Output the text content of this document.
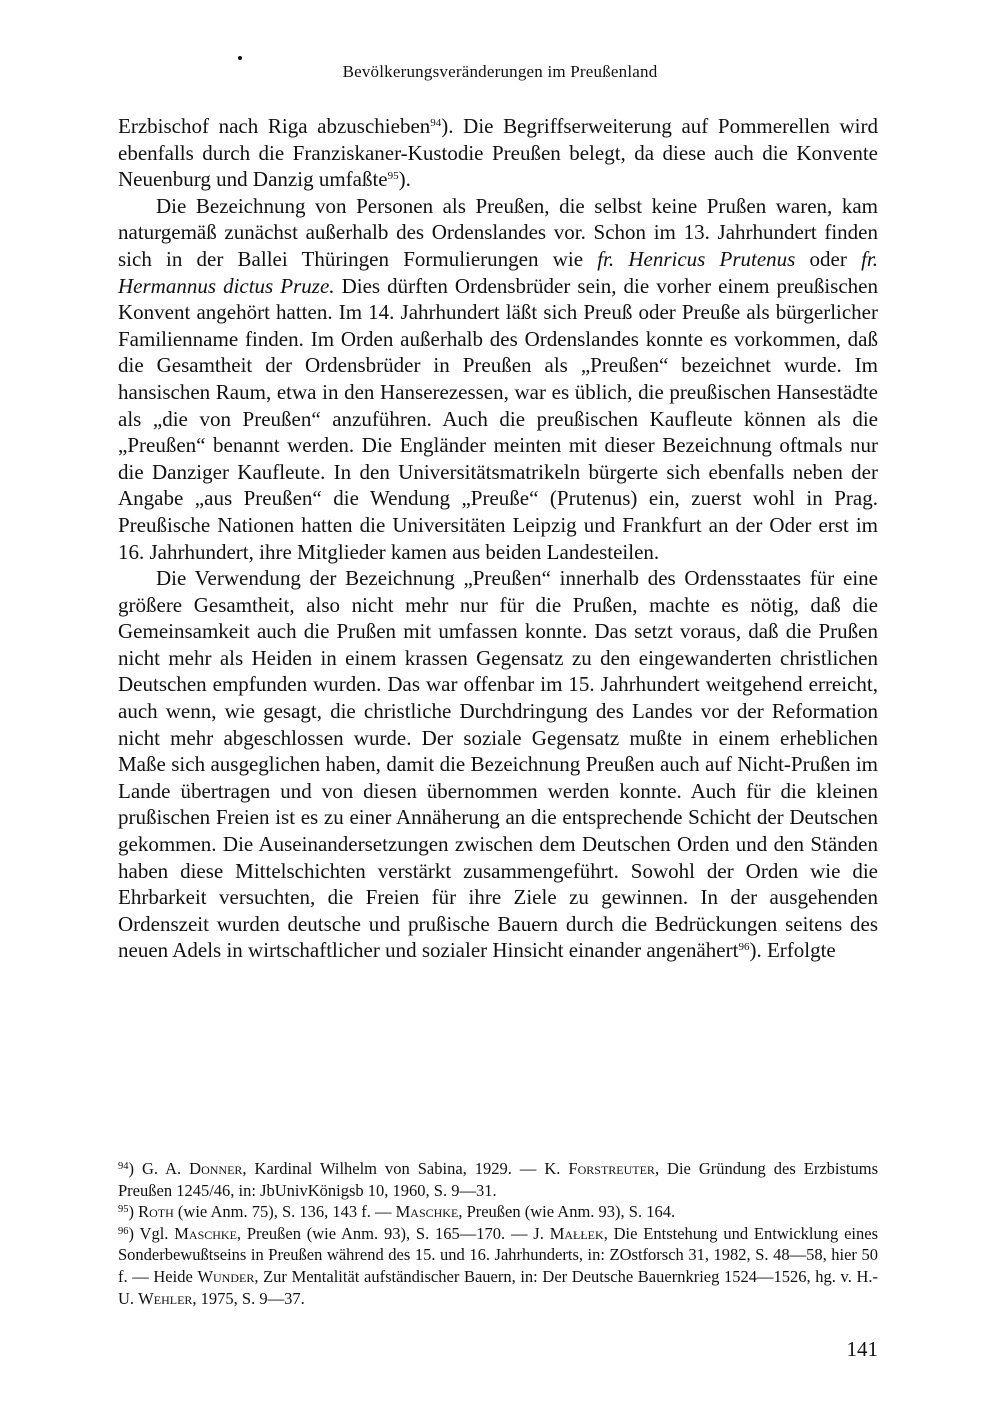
Bevölkerungsveränderungen im Preußenland

Erzbischof nach Riga abzuschieben$^{94}$). Die Begriffserweiterung auf Pommerellen wird ebenfalls durch die Franziskaner-Kustodie Preußen belegt, da diese auch die Konvente Neuenburg und Danzig umfaßte$^{95}$).

Die Bezeichnung von Personen als Preußen, die selbst keine Prußen waren, kam naturgemäß zunächst außerhalb des Ordenslandes vor. Schon im 13. Jahrhundert finden sich in der Ballei Thüringen Formulierungen wie fr. Henricus Prutenus oder fr. Hermannus dictus Pruze. Dies dürften Ordensbrüder sein, die vorher einem preußischen Konvent angehört hatten. Im 14. Jahrhundert läßt sich Preuß oder Preuße als bürgerlicher Familienname finden. Im Orden außerhalb des Ordenslandes konnte es vorkommen, daß die Gesamtheit der Ordensbrüder in Preußen als „Preußen“ bezeichnet wurde. Im hansischen Raum, etwa in den Hanserezessen, war es üblich, die preußischen Hansestädte als „die von Preußen“ anzuführen. Auch die preußischen Kaufleute können als die „Preußen“ benannt werden. Die Engländer meinten mit dieser Bezeichnung oftmals nur die Danziger Kaufleute. In den Universitätsmatrikeln bürgerte sich ebenfalls neben der Angabe „aus Preußen“ die Wendung „Preuße“ (Prutenus) ein, zuerst wohl in Prag. Preußische Nationen hatten die Universitäten Leipzig und Frankfurt an der Oder erst im 16. Jahrhundert, ihre Mitglieder kamen aus beiden Landesteilen.

Die Verwendung der Bezeichnung „Preußen“ innerhalb des Ordensstaates für eine größere Gesamtheit, also nicht mehr nur für die Prußen, machte es nötig, daß die Gemeinsamkeit auch die Prußen mit umfassen konnte. Das setzt voraus, daß die Prußen nicht mehr als Heiden in einem krassen Gegensatz zu den eingewanderten christlichen Deutschen empfunden wurden. Das war offenbar im 15. Jahrhundert weitgehend erreicht, auch wenn, wie gesagt, die christliche Durchdringung des Landes vor der Reformation nicht mehr abgeschlossen wurde. Der soziale Gegensatz mußte in einem erheblichen Maße sich ausgeglichen haben, damit die Bezeichnung Preußen auch auf Nicht-Prußen im Lande übertragen und von diesen übernommen werden konnte. Auch für die kleinen prußischen Freien ist es zu einer Annäherung an die entsprechende Schicht der Deutschen gekommen. Die Auseinandersetzungen zwischen dem Deutschen Orden und den Ständen haben diese Mittelschichten verstärkt zusammengeführt. Sowohl der Orden wie die Ehrbarkeit versuchten, die Freien für ihre Ziele zu gewinnen. In der ausgehenden Ordenszeit wurden deutsche und prußische Bauern durch die Bedrückungen seitens des neuen Adels in wirtschaftlicher und sozialer Hinsicht einander angenähert$^{96}$). Erfolgte

$^{94}$) G. A. Donner, Kardinal Wilhelm von Sabina, 1929. — K. Forstreuter, Die Gründung des Erzbistums Preußen 1245/46, in: JbUnivKönigsb 10, 1960, S. 9—31.

$^{95}$) Roth (wie Anm. 75), S. 136, 143 f. — Maschke, Preußen (wie Anm. 93), S. 164.

$^{96}$) Vgl. Maschke, Preußen (wie Anm. 93), S. 165—170. — J. Małłek, Die Entstehung und Entwicklung eines Sonderbewußtseins in Preußen während des 15. und 16. Jahrhunderts, in: ZOstforsch 31, 1982, S. 48—58, hier 50 f. — Heide Wunder, Zur Mentalität aufständischer Bauern, in: Der Deutsche Bauernkrieg 1524—1526, hg. v. H.-U. Wehler, 1975, S. 9—37.

141
